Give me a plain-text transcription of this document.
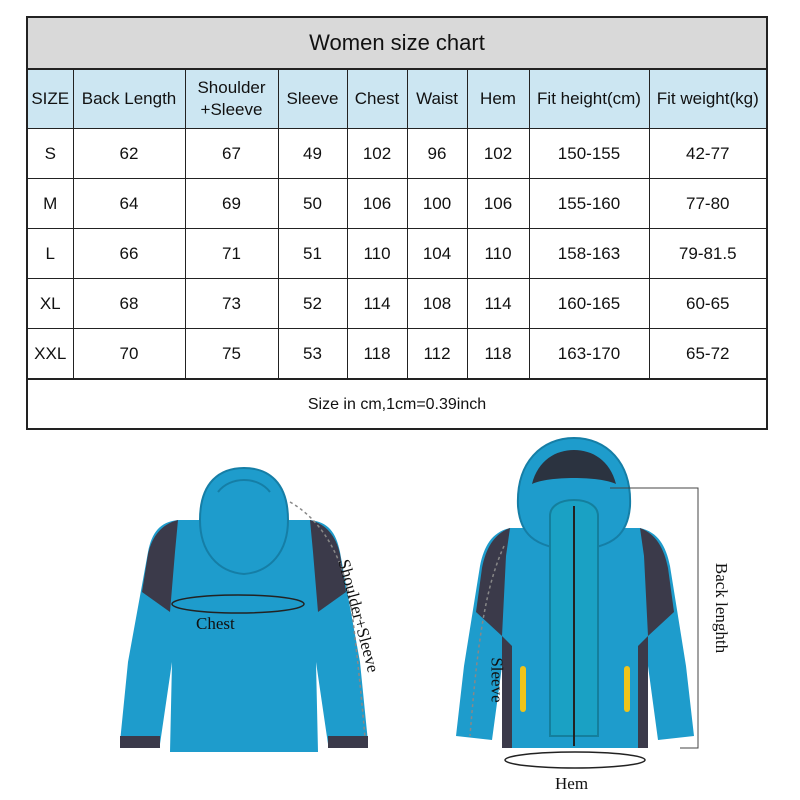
Women size chart
SIZE	Back Length	Shoulder +Sleeve	Sleeve	Chest	Waist	Hem	Fit height(cm)	Fit weight(kg)
S	62	67	49	102	96	102	150-155	42-77
M	64	69	50	106	100	106	155-160	77-80
L	66	71	51	110	104	110	158-163	79-81.5
XL	68	73	52	114	108	114	160-165	60-65
XXL	70	75	53	118	112	118	163-170	65-72
Size in cm,1cm=0.39inch
Chest	Shoulder+Sleeve	Back lenghth
Sleeve
Hem
